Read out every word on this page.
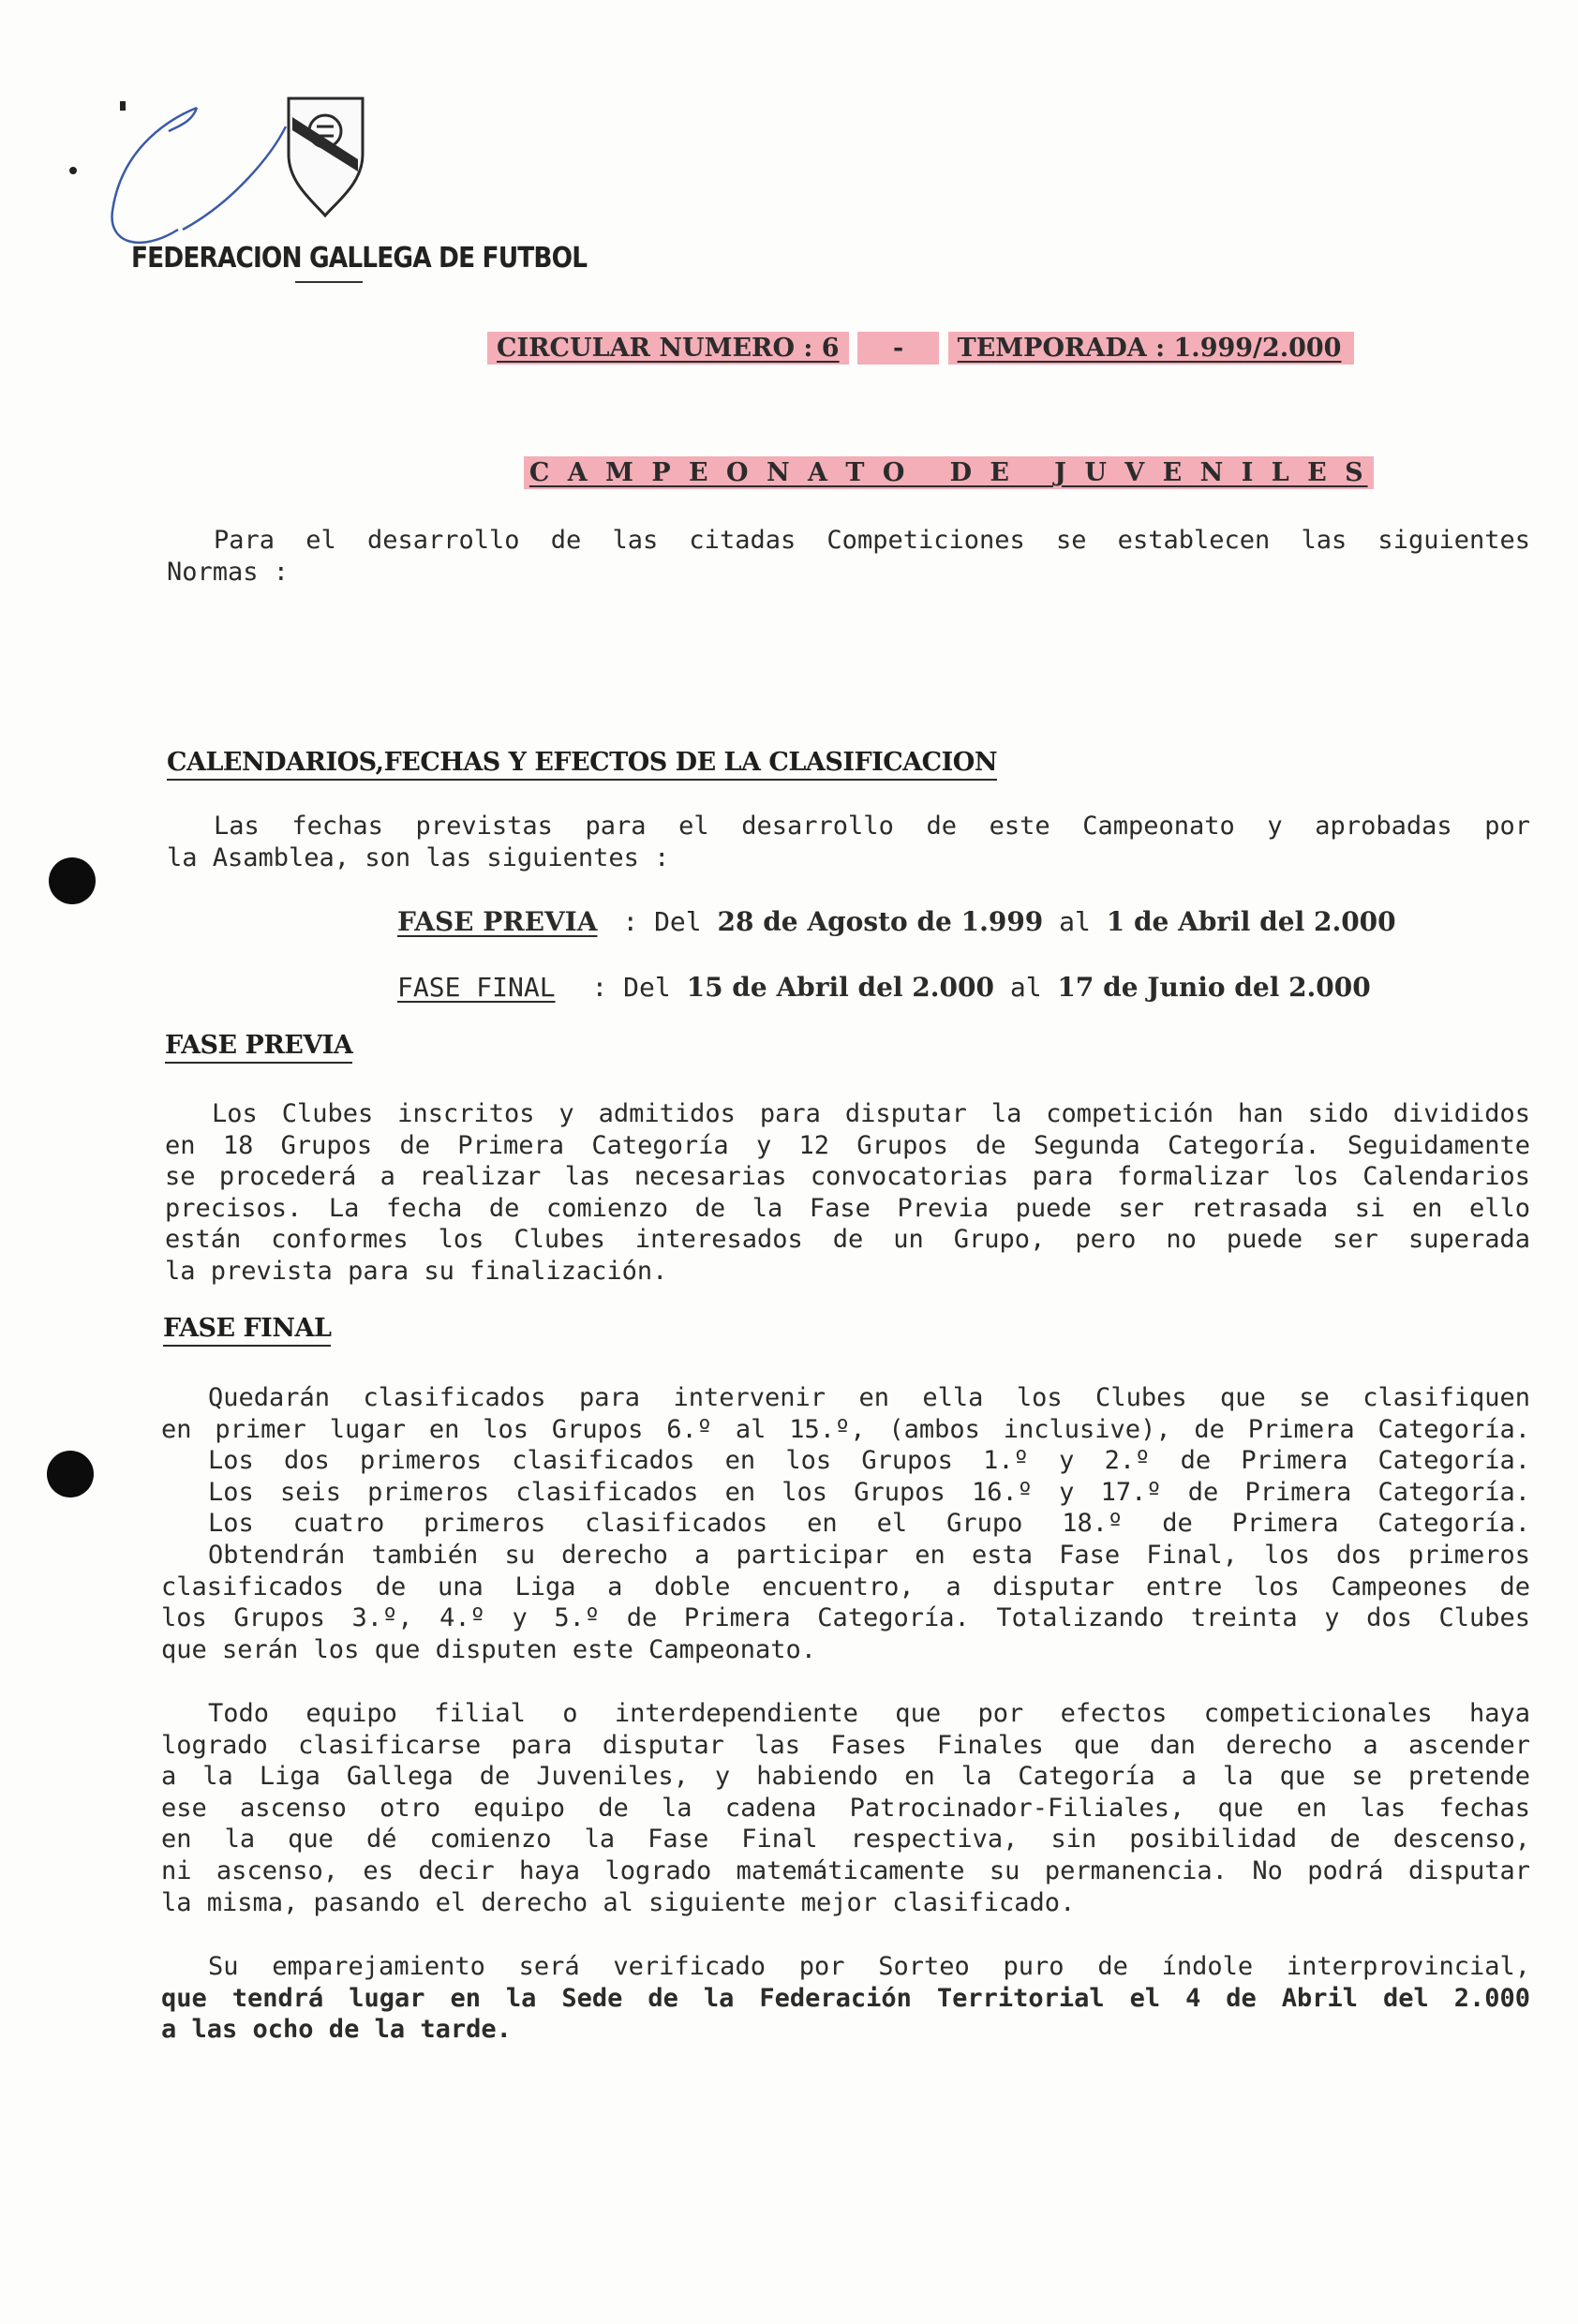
FEDERACION GALLEGA DE FUTBOL
CIRCULAR NUMERO : 6 - TEMPORADA : 1.999/2.000

C A M P E O N A T O   D E   J U V E N I L E S

Para el desarrollo de las citadas Competiciones se establecen las siguientes
Normas :
CALENDARIOS,FECHAS Y EFECTOS DE LA CLASIFICACION
Las fechas previstas para el desarrollo de este Campeonato y aprobadas por
la Asamblea, son las siguientes :
FASE PREVIA : Del 28 de Agosto de 1.999 al 1 de Abril del 2.000
FASE FINAL : Del 15 de Abril del 2.000 al 17 de Junio del 2.000
FASE PREVIA
Los Clubes inscritos y admitidos para disputar la competición han sido divididos
en 18 Grupos de Primera Categoría y 12 Grupos de Segunda Categoría. Seguidamente
se procederá a realizar las necesarias convocatorias para formalizar los Calendarios
precisos. La fecha de comienzo de la Fase Previa puede ser retrasada si en ello
están conformes los Clubes interesados de un Grupo, pero no puede ser superada
la prevista para su finalización.
FASE FINAL
Quedarán clasificados para intervenir en ella los Clubes que se clasifiquen
en primer lugar en los Grupos 6.º al 15.º, (ambos inclusive), de Primera Categoría.
Los dos primeros clasificados en los Grupos 1.º y 2.º de Primera Categoría.
Los seis primeros clasificados en los Grupos 16.º y 17.º de Primera Categoría.
Los cuatro primeros clasificados en el Grupo 18.º de Primera Categoría.
Obtendrán también su derecho a participar en esta Fase Final, los dos primeros
clasificados de una Liga a doble encuentro, a disputar entre los Campeones de
los Grupos 3.º, 4.º y 5.º de Primera Categoría. Totalizando treinta y dos Clubes
que serán los que disputen este Campeonato.
Todo equipo filial o interdependiente que por efectos competicionales haya
logrado clasificarse para disputar las Fases Finales que dan derecho a ascender
a la Liga Gallega de Juveniles, y habiendo en la Categoría a la que se pretende
ese ascenso otro equipo de la cadena Patrocinador-Filiales, que en las fechas
en la que dé comienzo la Fase Final respectiva, sin posibilidad de descenso,
ni ascenso, es decir haya logrado matemáticamente su permanencia. No podrá disputar
la misma, pasando el derecho al siguiente mejor clasificado.
Su emparejamiento será verificado por Sorteo puro de índole interprovincial,
que tendrá lugar en la Sede de la Federación Territorial el 4 de Abril del 2.000
a las ocho de la tarde.
